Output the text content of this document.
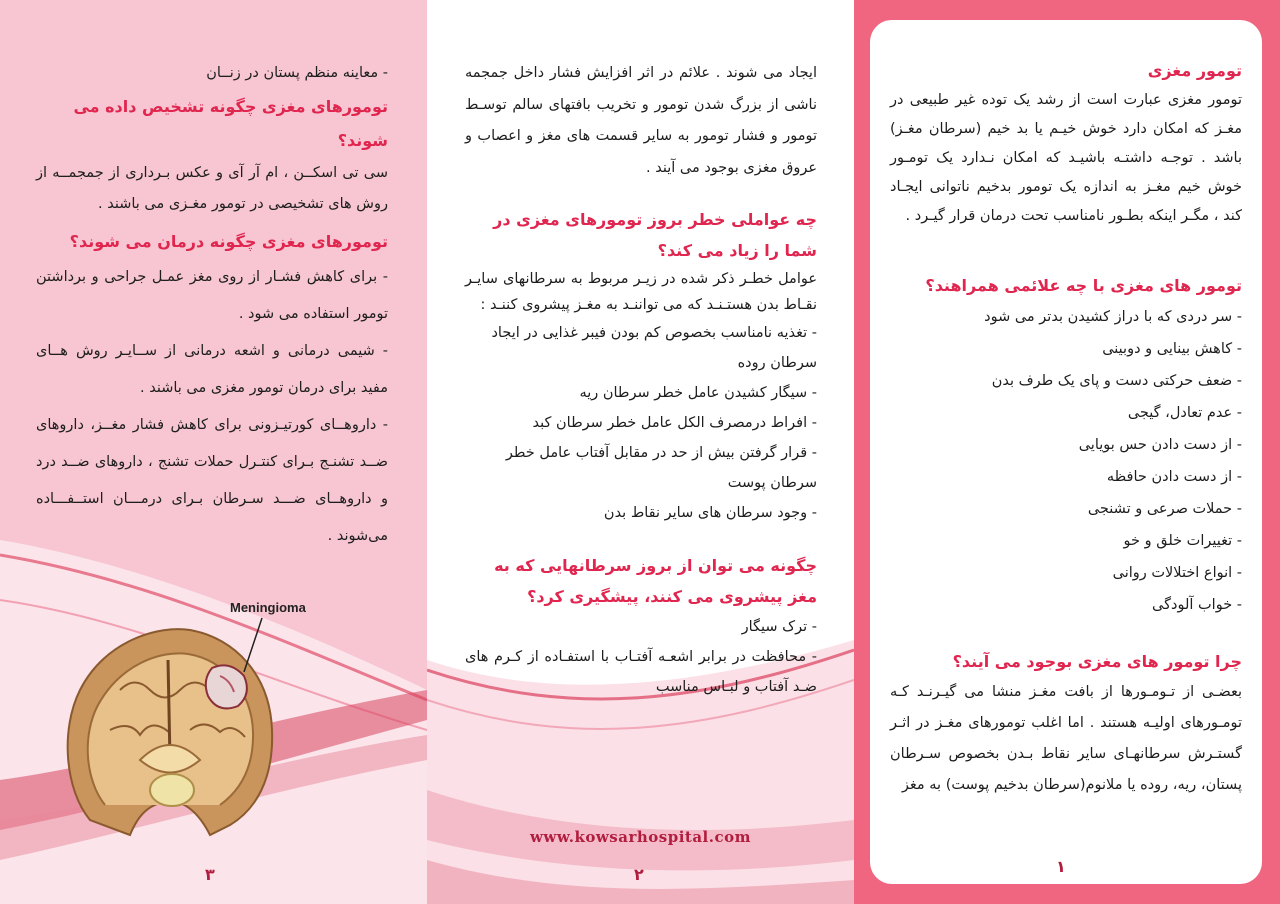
- معاینه منظم پستان در زنــان

تومورهای مغزی چگونه تشخیص داده می شوند؟

سی تی اسکــن ، ام آر آی و عکس بـرداری از جمجمــه از روش های تشخیصی در تومور مغـزی می باشند .

تومورهای مغزی چگونه درمان می شوند؟

- برای کاهش فشـار از روی مغز عمـل جراحی و برداشتن تومور استفاده می شود .

- شیمی درمانی و اشعه درمانی از ســایـر روش هــای مفید برای درمان تومور مغزی می باشند .

- داروهــای کورتیـزونی برای کاهش فشار مغــز، داروهای ضــد تشنـج بـرای کنتـرل حملات تشنج ، داروهای ضــد درد و داروهــای ضـــد سـرطان بـرای درمـــان استــفـــاده می‌شوند .

Meningioma
٣

ایجاد می شوند . علائم در اثر افزایش فشار داخل جمجمه ناشی از بزرگ شدن تومور و تخریب بافتهای سالم توسـط تومور و فشار تومور به سایر قسمت های مغز و اعصاب و عروق مغزی بوجود می آیند .

چه عواملی خطر بروز تومورهای مغزی در شما را زیاد می کند؟

عوامل خطـر ذکر شده در زیـر مربوط به سرطانهای سایـر نقـاط بدن هستـنـد که می تواننـد به مغـز پیشروی کننـد :

- تغذیه نامناسب بخصوص کم بودن فیبر غذایی در ایجاد سرطان روده

- سیگار کشیدن عامل خطر سرطان ریه

- افراط درمصرف الکل عامل خطر سرطان کبد

- قرار گرفتن بیش از حد در مقابل آفتاب عامل خطر سرطان پوست

- وجود سرطان های سایر نقاط بدن

چگونه می توان از بروز سرطانهایی که به مغز پیشروی می کنند، پیشگیری کرد؟

- ترک سیگار

- محافظت در برابر اشعـه آفتـاب با استفـاده از کـرم های ضـد آفتاب و لبـاس مناسب

www.kowsarhospital.com
٢

تومور مغزی

تومور مغزی عبارت است از رشد یک توده غیر طبیعی در مغـز که امکان دارد خوش خیـم یا بد خیم (سرطان مغـز) باشد . توجـه داشتـه باشیـد که امکان نـدارد یک تومـور خوش خیم مغـز به اندازه یک تومور بدخیم ناتوانی ایجـاد کند ، مگـر اینکه بطـور نامناسب تحت درمان قرار گیـرد .

تومور های مغزی با چه علائمی همراهند؟

- سر دردی که با دراز کشیدن بدتر می شود

- کاهش بینایی و دوبینی

- ضعف حرکتی دست و پای یک طرف بدن

- عدم تعادل، گیجی

- از دست دادن حس بویایی

- از دست دادن حافظه

- حملات صرعی و تشنجی

- تغییرات خلق و خو

- انواع اختلالات روانی

- خواب آلودگی

چرا تومور های مغزی بوجود می آیند؟

بعضـی از تـومـورها از بافت مغـز منشا می گیـرنـد کـه تومـورهای اولیـه هستند . اما اغلب تومورهای مغـز در اثـر گستـرش سرطانهـای سایر نقاط بـدن بخصوص سـرطان پستان، ریه، روده یا ملانوم(سرطان بدخیم پوست) به مغز

١
